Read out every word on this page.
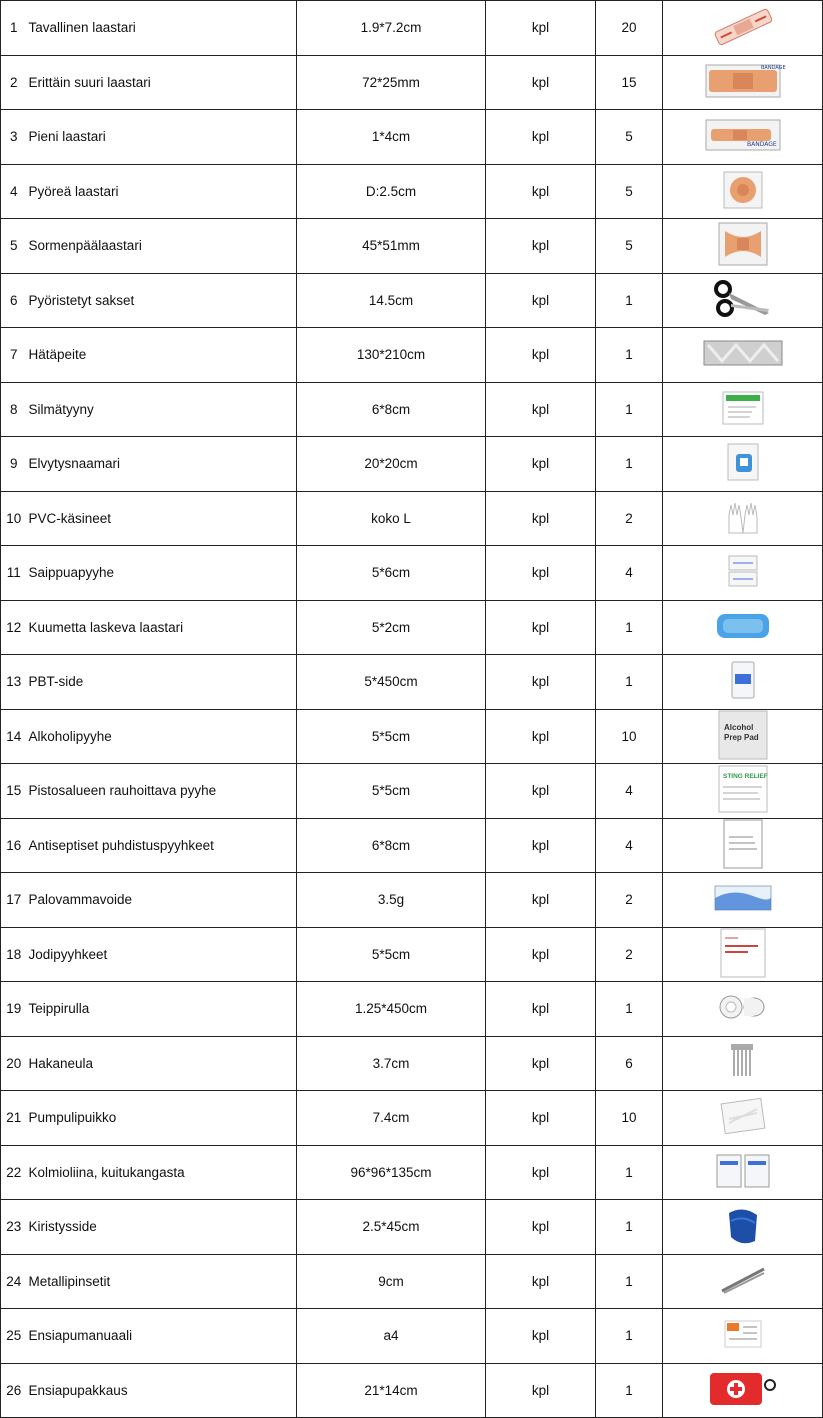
1	Tavallinen laastari	1.9*7.2cm	kpl	20	

2	Erittäin suuri laastari	72*25mm	kpl	15	BANDAGE

3	Pieni laastari	1*4cm	kpl	5	BANDAGE

4	Pyöreä laastari	D:2.5cm	kpl	5	

5	Sormenpäälaastari	45*51mm	kpl	5	

6	Pyöristetyt sakset	14.5cm	kpl	1	

7	Hätäpeite	130*210cm	kpl	1	

8	Silmätyyny	6*8cm	kpl	1	

9	Elvytysnaamari	20*20cm	kpl	1	

10	PVC-käsineet	koko L	kpl	2	

11	Saippuapyyhe	5*6cm	kpl	4	

12	Kuumetta laskeva laastari	5*2cm	kpl	1	

13	PBT-side	5*450cm	kpl	1	

14	Alkoholipyyhe	5*5cm	kpl	10	Alcohol
Prep Pad

15	Pistosalueen rauhoittava pyyhe	5*5cm	kpl	4	STING RELIEF

16	Antiseptiset puhdistuspyyhkeet	6*8cm	kpl	4	

17	Palovammavoide	3.5g	kpl	2	

18	Jodipyyhkeet	5*5cm	kpl	2	

19	Teippirulla	1.25*450cm	kpl	1	

20	Hakaneula	3.7cm	kpl	6	

21	Pumpulipuikko	7.4cm	kpl	10	

22	Kolmioliina, kuitukangasta	96*96*135cm	kpl	1	

23	Kiristysside	2.5*45cm	kpl	1	

24	Metallipinsetit	9cm	kpl	1	

25	Ensiapumanuaali	a4	kpl	1	

26	Ensiapupakkaus	21*14cm	kpl	1	
